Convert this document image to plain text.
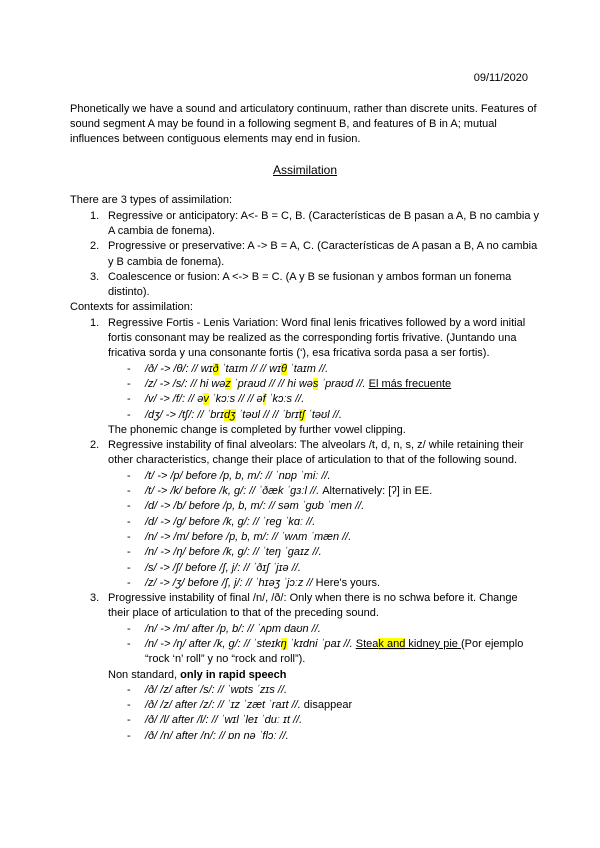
09/11/2020
Phonetically we have a sound and articulatory continuum, rather than discrete units. Features of sound segment A may be found in a following segment B, and features of B in A; mutual influences between contiguous elements may end in fusion.
Assimilation
There are 3 types of assimilation:
1. Regressive or anticipatory: A<- B = C, B. (Características de B pasan a A, B no cambia y A cambia de fonema).
2. Progressive or preservative: A -> B = A, C. (Características de A pasan a B, A no cambia y B cambia de fonema).
3. Coalescence or fusion: A <-> B = C. (A y B se fusionan y ambos forman un fonema distinto).
Contexts for assimilation:
1. Regressive Fortis - Lenis Variation: Word final lenis fricatives followed by a word initial fortis consonant may be realized as the corresponding fortis frivative. (Juntando una fricativa sorda y una consonante fortis (‘), esa fricativa sorda pasa a ser fortis).
- /ð/ -> /θ/: // wɪð ˈtaɪm // // wɪθ ˈtaɪm //.
- /z/ -> /s/: // hi wəz ˈpraʊd // // hi wəs ˈpraʊd //. El más frecuente
- /v/ -> /f/: // əv ˈkɔːs // // əf ˈkɔːs //.
- /dʒ/ -> /tʃ/: // ˈbrɪdʒ ˈtəʊl // // ˈbrɪtʃ ˈtəʊl //.
The phonemic change is completed by further vowel clipping.
2. Regressive instability of final alveolars: The alveolars /t, d, n, s, z/ while retaining their other characteristics, change their place of articulation to that of the following sound.
- /t/ -> /p/ before /p, b, m/: // ˈnɒp ˈmiː //.
- /t/ -> /k/ before /k, g/: // ˈðæk ˈgɜːl //. Alternatively: [ʔ] in EE.
- /d/ -> /b/ before /p, b, m/: // səm ˈgʊb ˈmen //.
- /d/ -> /g/ before /k, g/: // ˈreg ˈkɑː //.
- /n/ -> /m/ before /p, b, m/: // ˈwʌm ˈmæn //.
- /n/ -> /ŋ/ before /k, g/: // ˈteŋ ˈgaɪz //.
- /s/ -> /ʃ/ before /ʃ, j/: // ˈðɪʃ ˈjɪə //.
- /z/ -> /ʒ/ before /ʃ, j/: // ˈhɪəʒ ˈjɔːz // Here's yours.
3. Progressive instability of final /n/, /ð/: Only when there is no schwa before it. Change their place of articulation to that of the preceding sound.
- /n/ -> /m/ after /p, b/: // ˈʌpm daʊn //.
- /n/ -> /ŋ/ after /k, g/: // ˈsteɪkŋ ˈkɪdni ˈpaɪ //. Steak and kidney pie (Por ejemplo “rock ‘n’ roll” y no “rock and roll”).
Non standard, only in rapid speech
- /ð/ /z/ after /s/: // ˈwɒts ˈzɪs //.
- /ð/ /z/ after /z/: // ˈɪz ˈzæt ˈraɪt //. disappear
- /ð/ /l/ after /l/: // ˈwɪl ˈleɪ ˈduː ɪt //.
- /ð/ /n/ after /n/: // ɒn nə ˈflɔː //.
